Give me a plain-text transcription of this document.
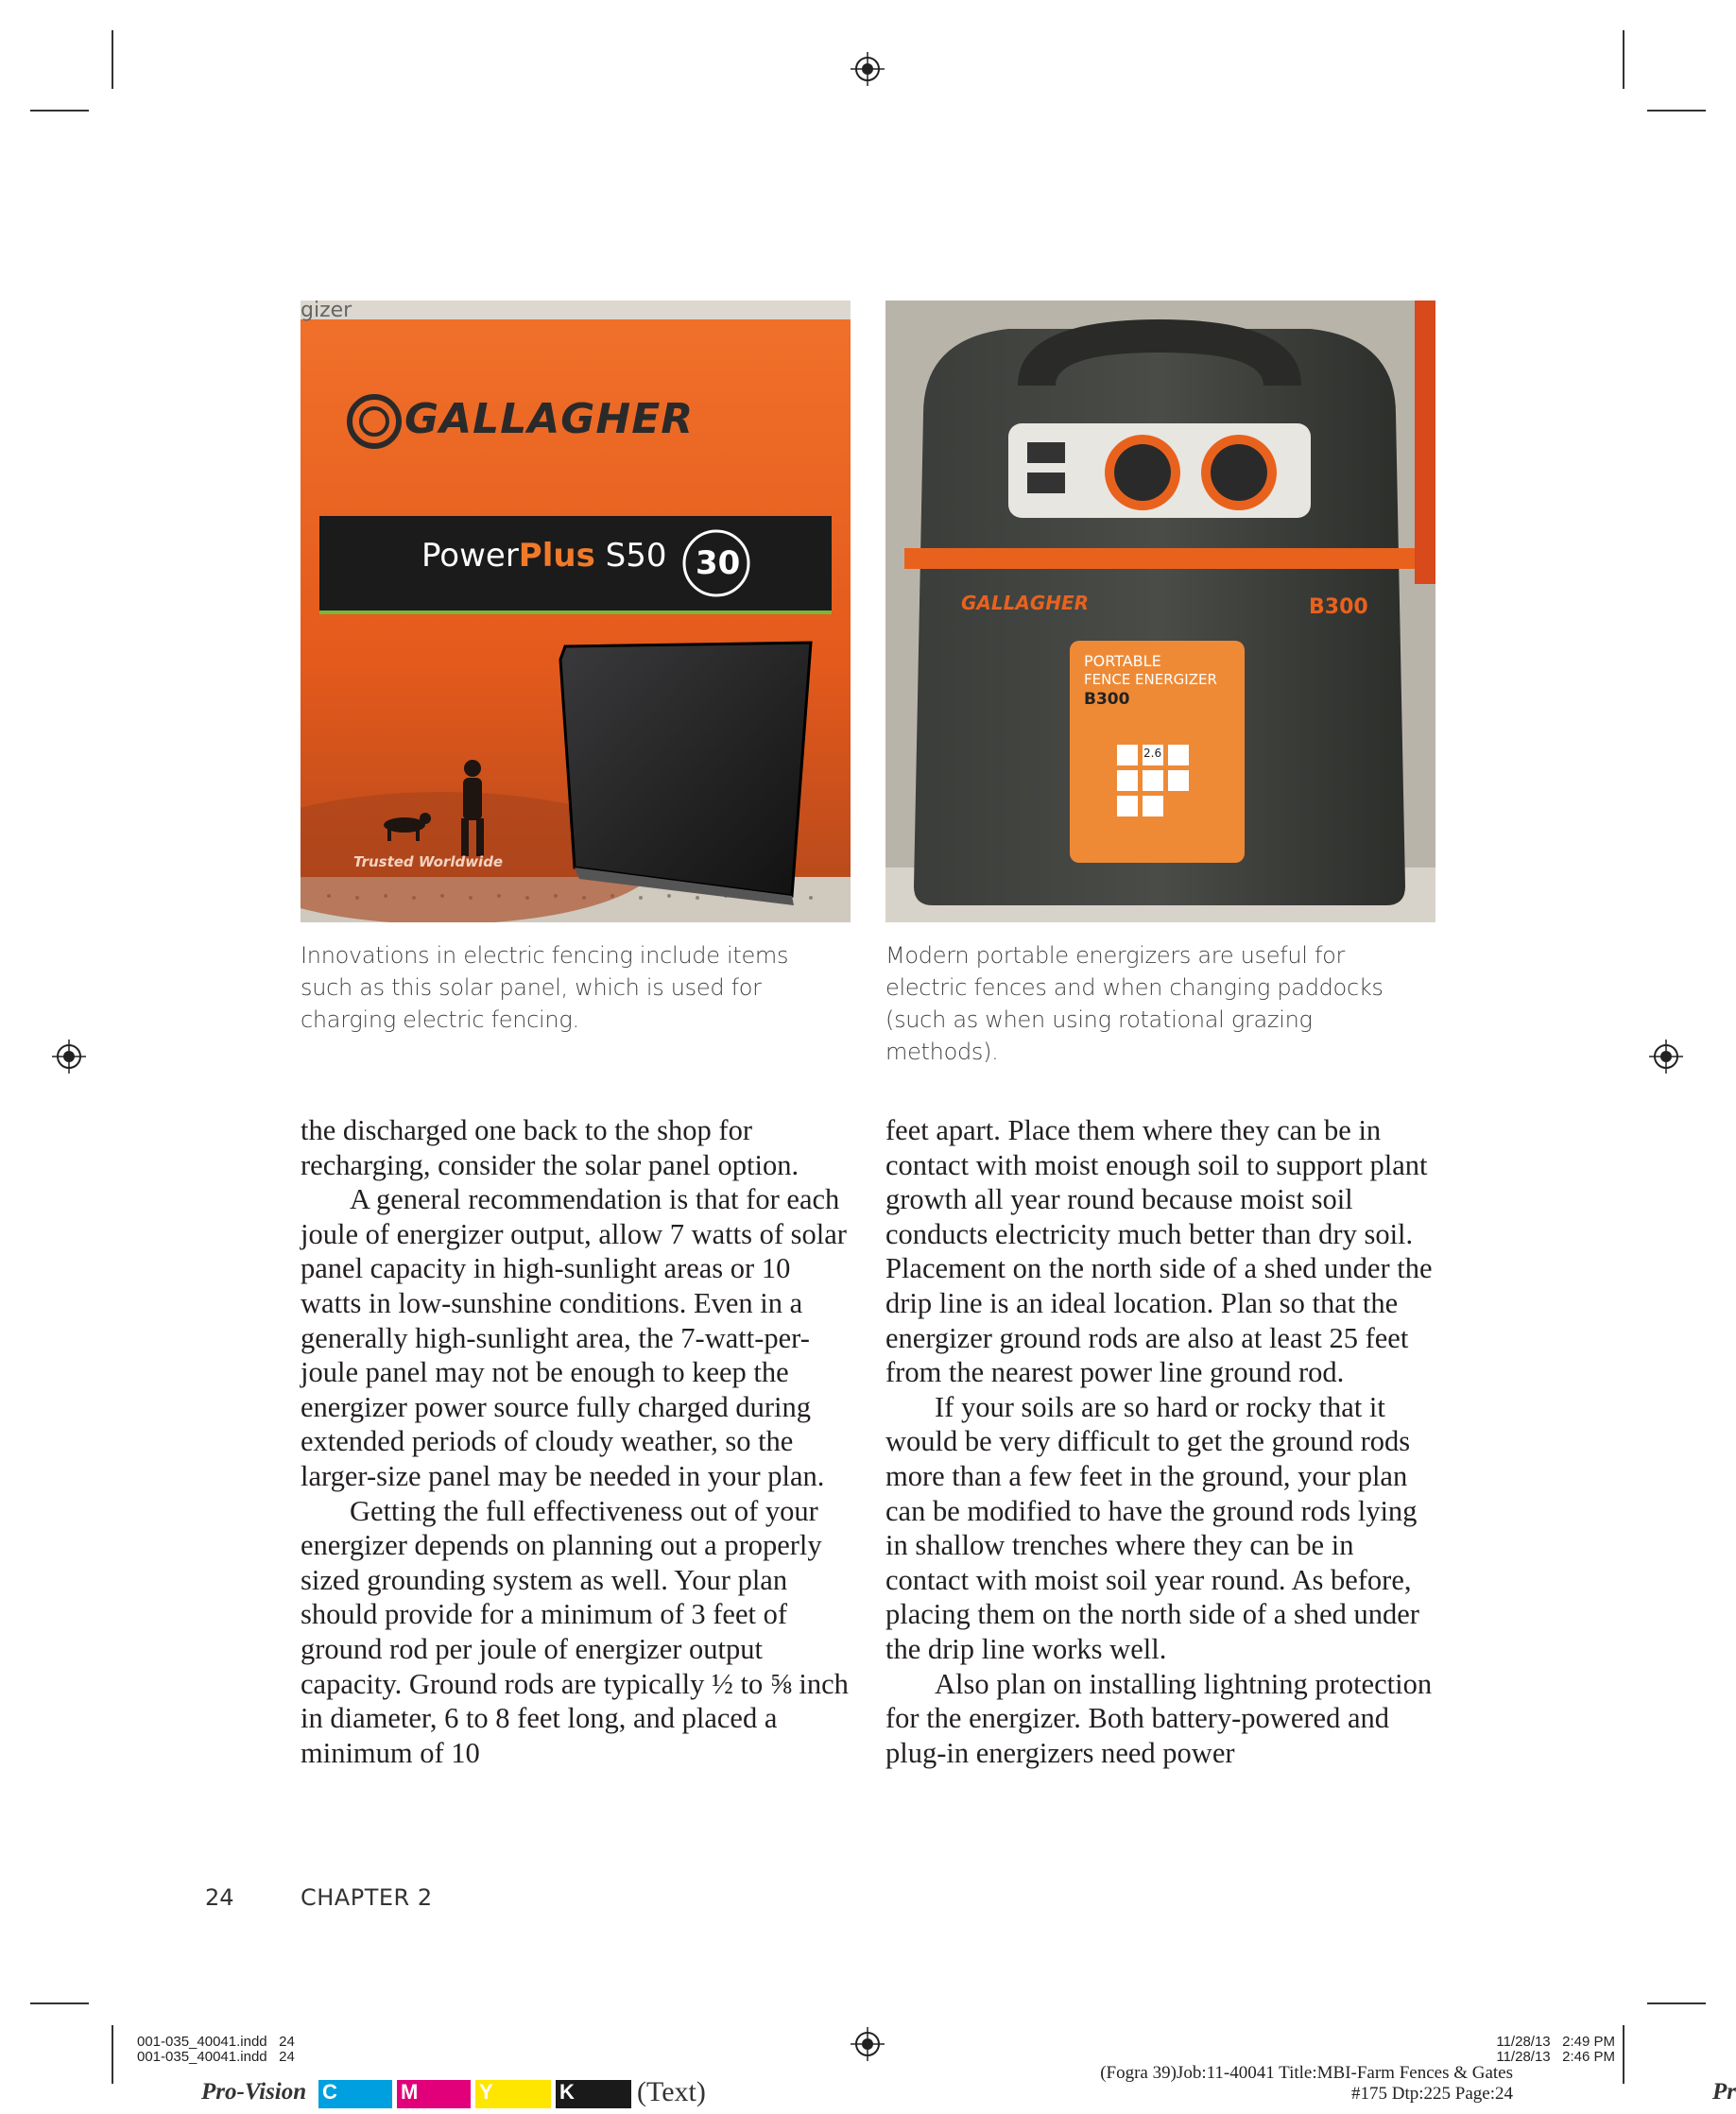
gizer
GALLAGHER
PowerPlus S50 30
Trusted Worldwide
GALLAGHER	B300
PORTABLE
FENCE ENERGIZER
B300
2.6
Innovations in electric fencing include items such as this solar panel, which is used for charging electric fencing.
Modern portable energizers are useful for electric fences and when changing paddocks (such as when using rotational grazing methods).

the discharged one back to the shop for recharging, consider the solar panel option.

A general recommendation is that for each joule of energizer output, allow 7 watts of solar panel capacity in high-sunlight areas or 10 watts in low-sunshine conditions. Even in a generally high-sunlight area, the 7-watt-per-joule panel may not be enough to keep the energizer power source fully charged during extended periods of cloudy weather, so the larger-size panel may be needed in your plan.

Getting the full effectiveness out of your energizer depends on planning out a properly sized grounding system as well. Your plan should provide for a minimum of 3 feet of ground rod per joule of energizer output capacity. Ground rods are typically ½ to ⅝ inch in diameter, 6 to 8 feet long, and placed a minimum of 10

feet apart. Place them where they can be in contact with moist enough soil to support plant growth all year round because moist soil conducts electricity much better than dry soil. Placement on the north side of a shed under the drip line is an ideal location. Plan so that the energizer ground rods are also at least 25 feet from the nearest power line ground rod.

If your soils are so hard or rocky that it would be very difficult to get the ground rods more than a few feet in the ground, your plan can be modified to have the ground rods lying in shallow trenches where they can be in contact with moist soil year round. As before, placing them on the north side of a shed under the drip line works well.

Also plan on installing lightning protection for the energizer. Both battery-powered and plug-in energizers need power

24	CHAPTER 2
001-035_40041.indd   24
001-035_40041.indd   24
11/28/13   2:49 PM
11/28/13   2:46 PM
(Fogra 39)Job:11-40041 Title:MBI-Farm Fences & Gates
#175 Dtp:225 Page:24
Pro-Vision	Pr
C	M	Y	K	(Text)
